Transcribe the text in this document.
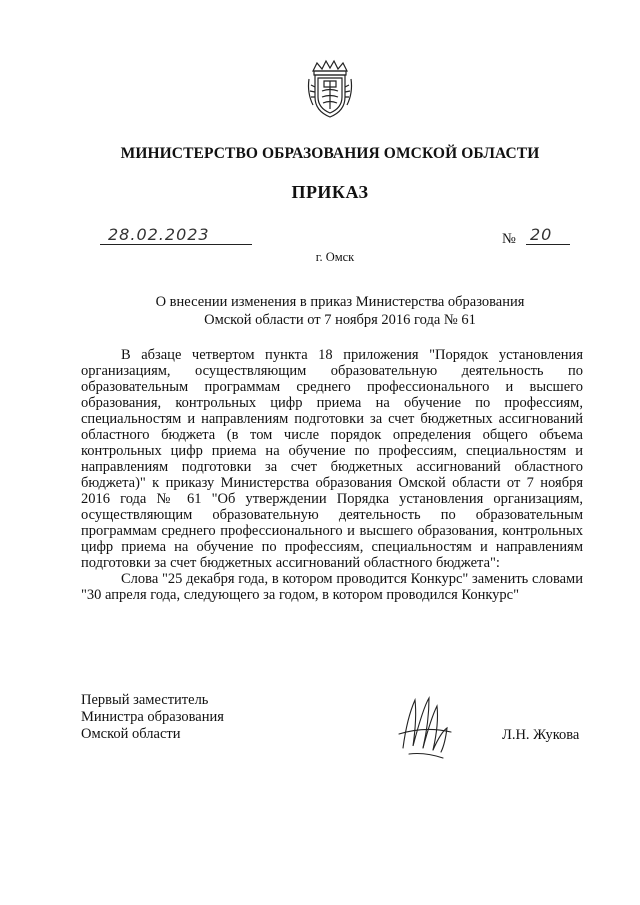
МИНИСТЕРСТВО ОБРАЗОВАНИЯ ОМСКОЙ ОБЛАСТИ
ПРИКАЗ
28.02.2023	№ 20
г. Омск
О внесении изменения в приказ Министерства образования
Омской области от 7 ноября 2016 года № 61

В абзаце четвертом пункта 18 приложения "Порядок установления организациям, осуществляющим образовательную деятельность по образовательным программам среднего профессионального и высшего образования, контрольных цифр приема на обучение по профессиям, специальностям и направлениям подготовки за счет бюджетных ассигнований областного бюджета (в том числе порядок определения общего объема контрольных цифр приема на обучение по профессиям, специальностям и направлениям подготовки за счет бюджетных ассигнований областного бюджета)" к приказу Министерства образования Омской области от 7 ноября 2016 года № 61 "Об утверждении Порядка установления организациям, осуществляющим образовательную деятельность по образовательным программам среднего профессионального и высшего образования, контрольных цифр приема на обучение по профессиям, специальностям и направлениям подготовки за счет бюджетных ассигнований областного бюджета":

Слова "25 декабря года, в котором проводится Конкурс" заменить словами "30 апреля года, следующего за годом, в котором проводился Конкурс"

Первый заместитель
Министра образования
Омской области	Л.Н. Жукова
